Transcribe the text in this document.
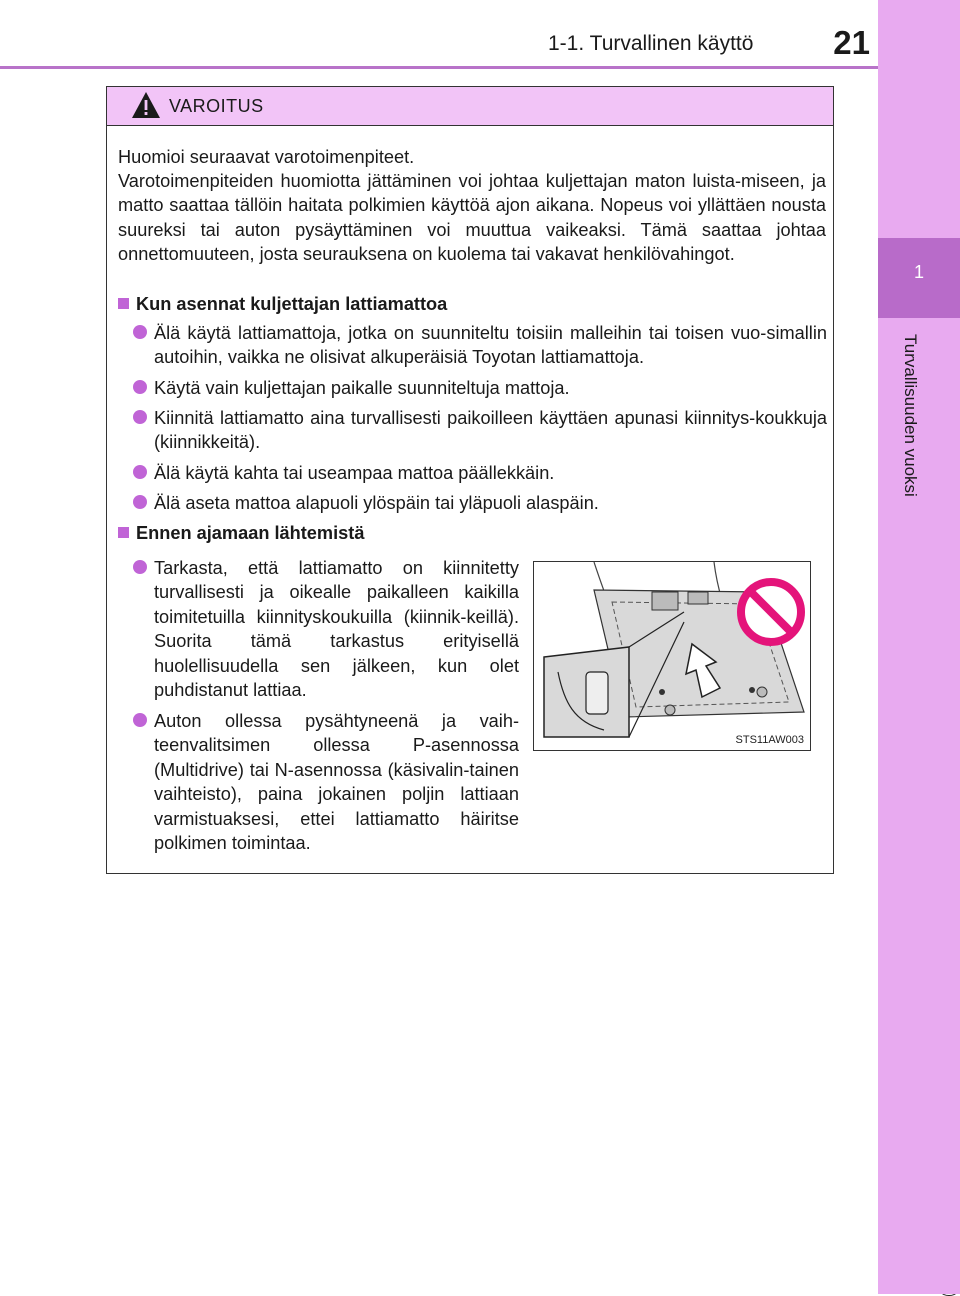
1
Turvallisuuden vuoksi
1-1. Turvallinen käyttö	21
VAROITUS

Huomioi seuraavat varotoimenpiteet.

Varotoimenpiteiden huomiotta jättäminen voi johtaa kuljettajan maton luista-miseen, ja matto saattaa tällöin haitata polkimien käyttöä ajon aikana. Nopeus voi yllättäen nousta suureksi tai auton pysäyttäminen voi muuttua vaikeaksi. Tämä saattaa johtaa onnettomuuteen, josta seurauksena on kuolema tai vakavat henkilövahingot.

Kun asennat kuljettajan lattiamattoa

Älä käytä lattiamattoja, jotka on suunniteltu toisiin malleihin tai toisen vuo-simallin autoihin, vaikka ne olisivat alkuperäisiä Toyotan lattiamattoja.

Käytä vain kuljettajan paikalle suunniteltuja mattoja.

Kiinnitä lattiamatto aina turvallisesti paikoilleen käyttäen apunasi kiinnitys-koukkuja (kiinnikkeitä).

Älä käytä kahta tai useampaa mattoa päällekkäin.

Älä aseta mattoa alapuoli ylöspäin tai yläpuoli alaspäin.

Ennen ajamaan lähtemistä

Tarkasta, että lattiamatto on kiinnitetty turvallisesti ja oikealle paikalleen kaikilla toimitetuilla kiinnityskoukuilla (kiinnik-keillä). Suorita tämä tarkastus erityisellä huolellisuudella sen jälkeen, kun olet puhdistanut lattiaa.

Auton ollessa pysähtyneenä ja vaih-teenvalitsimen ollessa P-asennossa (Multidrive) tai N-asennossa (käsivalin-tainen vaihteisto), paina jokainen poljin lattiaan varmistuaksesi, ettei lattiamatto häiritse polkimen toimintaa.

STS11AW003
